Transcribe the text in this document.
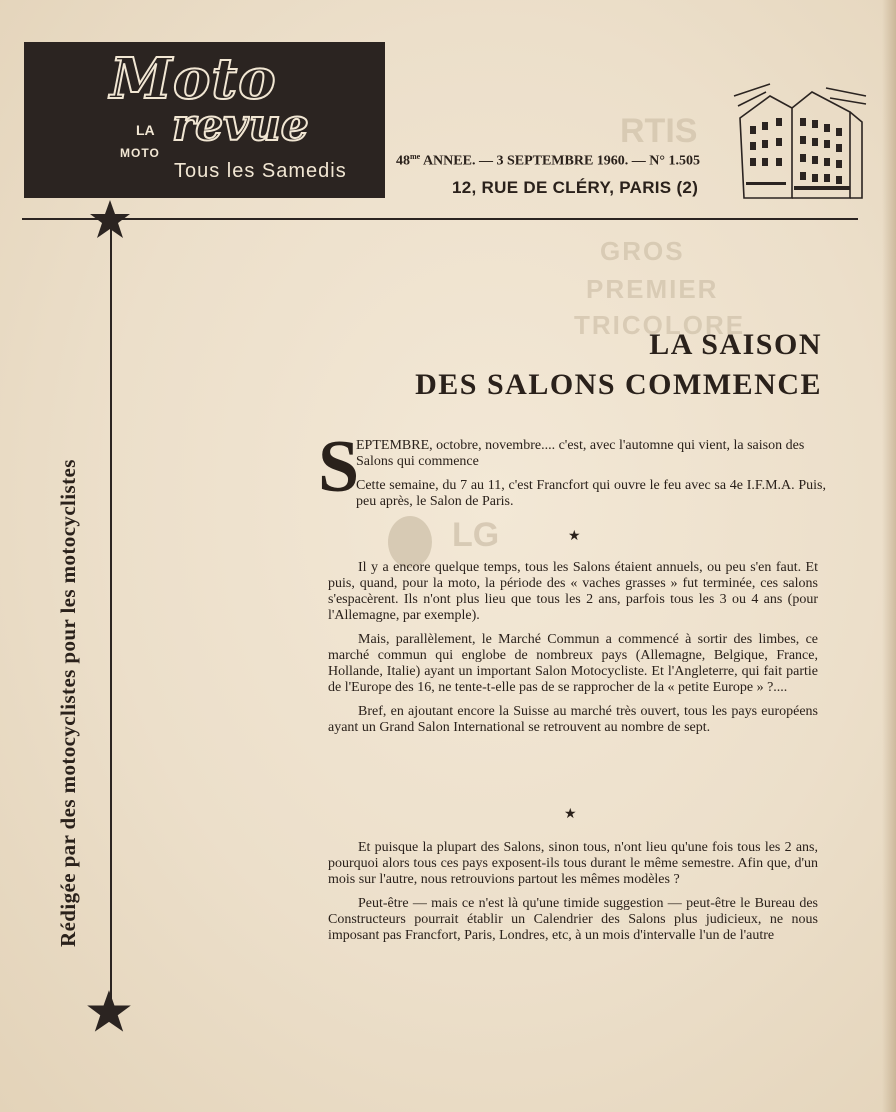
RTIS
GROS
PREMIER
TRICOLORE
Moto
revue
LA
MOTO
Tous les Samedis	$48^{me}$ ANNEE. — 3 SEPTEMBRE 1960. — N° 1.505
12, RUE DE CLÉRY, PARIS (2)
Rédigée par des motocyclistes pour les motocyclistes
LA SAISON
DES SALONS COMMENCE
LG
S
EPTEMBRE, octobre, novembre.... c'est, avec l'automne qui vient, la saison des Salons qui commence
Cette semaine, du 7 au 11, c'est Francfort qui ouvre le feu avec sa 4e I.F.M.A. Puis, peu après, le Salon de Paris.
★

Il y a encore quelque temps, tous les Salons étaient annuels, ou peu s'en faut. Et puis, quand, pour la moto, la période des « vaches grasses » fut terminée, ces salons s'espacèrent. Ils n'ont plus lieu que tous les 2 ans, parfois tous les 3 ou 4 ans (pour l'Allemagne, par exemple).

Mais, parallèlement, le Marché Commun a commencé à sortir des limbes, ce marché commun qui englobe de nombreux pays (Allemagne, Belgique, France, Hollande, Italie) ayant un important Salon Motocycliste. Et l'Angleterre, qui fait partie de l'Europe des 16, ne tente-t-elle pas de se rapprocher de la « petite Europe » ?....

Bref, en ajoutant encore la Suisse au marché très ouvert, tous les pays européens ayant un Grand Salon International se retrouvent au nombre de sept.

★

Et puisque la plupart des Salons, sinon tous, n'ont lieu qu'une fois tous les 2 ans, pourquoi alors tous ces pays exposent-ils tous durant le même semestre. Afin que, d'un mois sur l'autre, nous retrouvions partout les mêmes modèles ?

Peut-être — mais ce n'est là qu'une timide suggestion — peut-être le Bureau des Constructeurs pourrait établir un Calendrier des Salons plus judicieux, ne nous imposant pas Francfort, Paris, Londres, etc, à un mois d'intervalle l'un de l'autre
